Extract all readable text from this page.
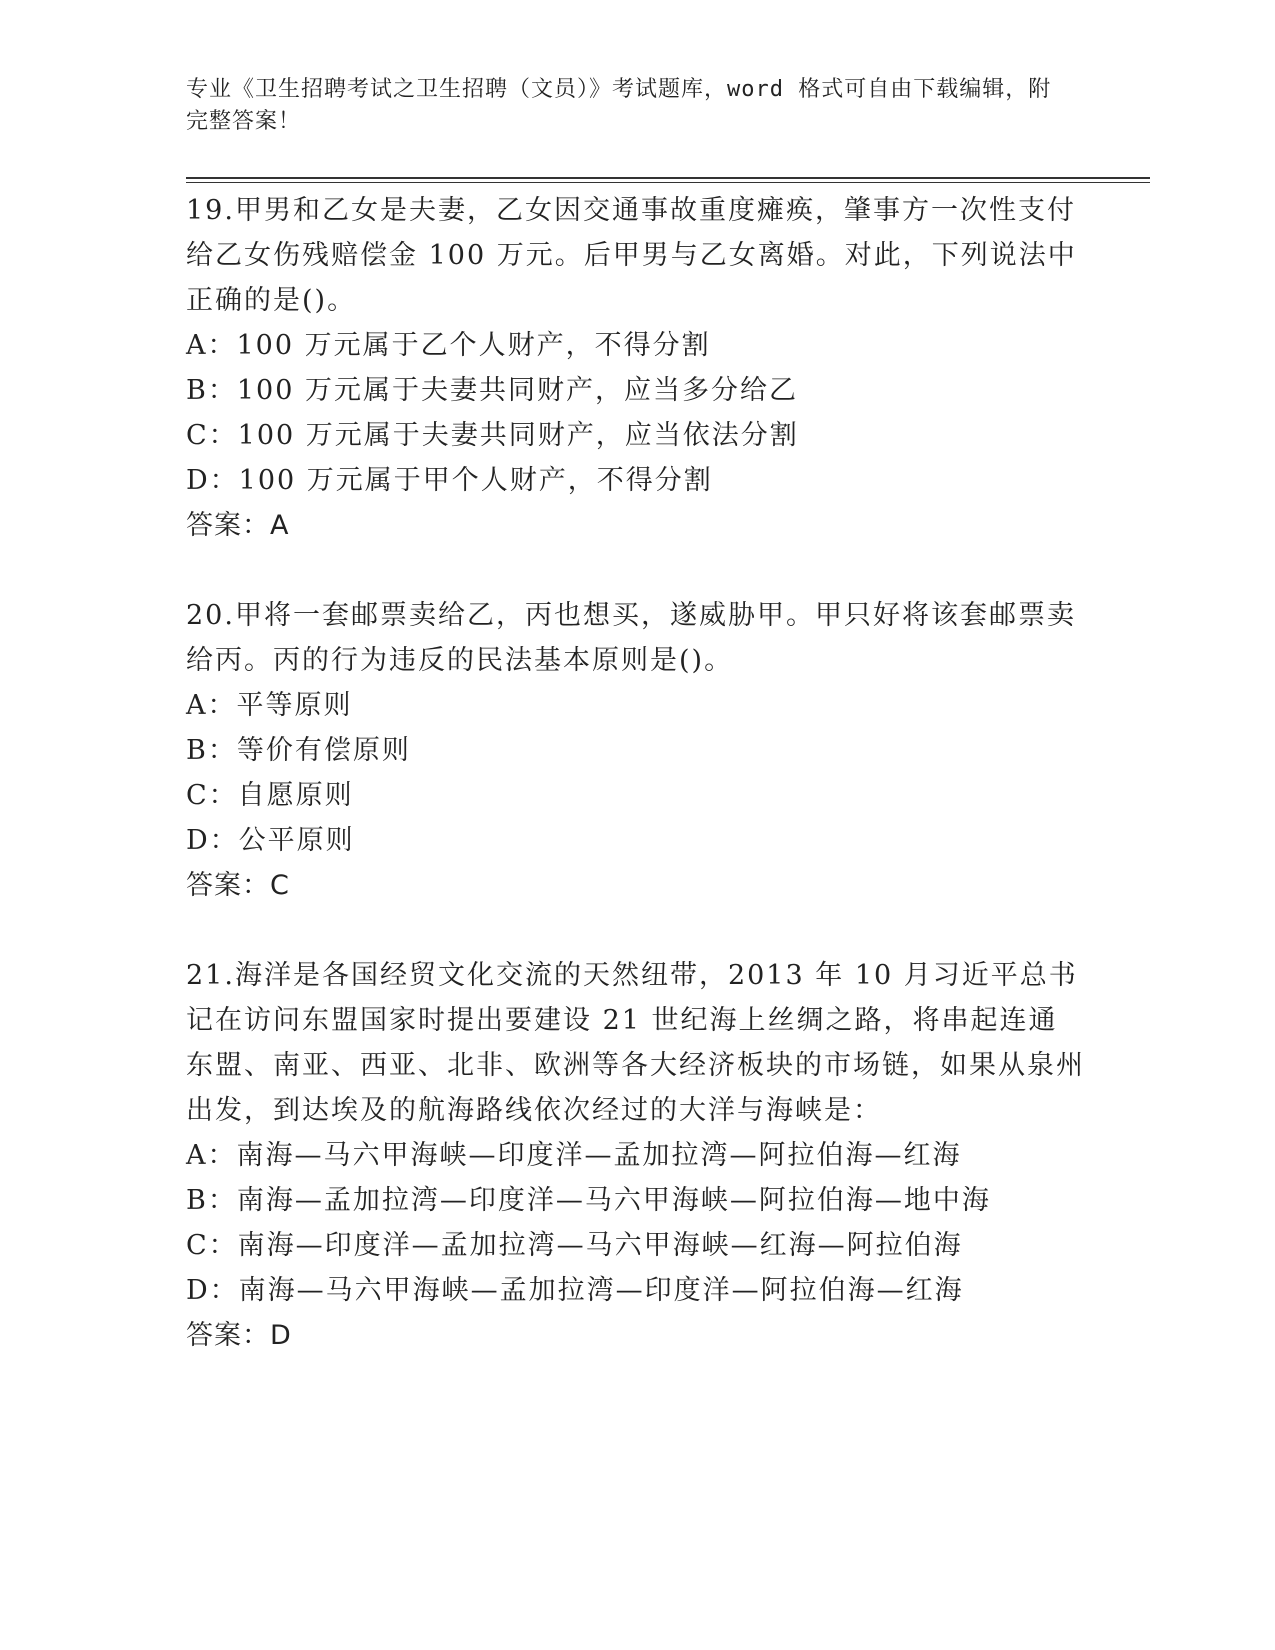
专业《卫生招聘考试之卫生招聘（文员）》考试题库，word 格式可自由下载编辑，附完整答案！
19.甲男和乙女是夫妻，乙女因交通事故重度瘫痪，肇事方一次性支付给乙女伤残赔偿金 100 万元。后甲男与乙女离婚。对此，下列说法中正确的是()。
A：100 万元属于乙个人财产，不得分割
B：100 万元属于夫妻共同财产，应当多分给乙
C：100 万元属于夫妻共同财产，应当依法分割
D：100 万元属于甲个人财产，不得分割
答案：A
20.甲将一套邮票卖给乙，丙也想买，遂威胁甲。甲只好将该套邮票卖给丙。丙的行为违反的民法基本原则是()。
A：平等原则
B：等价有偿原则
C：自愿原则
D：公平原则
答案：C
21.海洋是各国经贸文化交流的天然纽带，2013 年 10 月习近平总书记在访问东盟国家时提出要建设 21 世纪海上丝绸之路，将串起连通东盟、南亚、西亚、北非、欧洲等各大经济板块的市场链，如果从泉州出发，到达埃及的航海路线依次经过的大洋与海峡是：
A：南海—马六甲海峡—印度洋—孟加拉湾—阿拉伯海—红海
B：南海—孟加拉湾—印度洋—马六甲海峡—阿拉伯海—地中海
C：南海—印度洋—孟加拉湾—马六甲海峡—红海—阿拉伯海
D：南海—马六甲海峡—孟加拉湾—印度洋—阿拉伯海—红海
答案：D
